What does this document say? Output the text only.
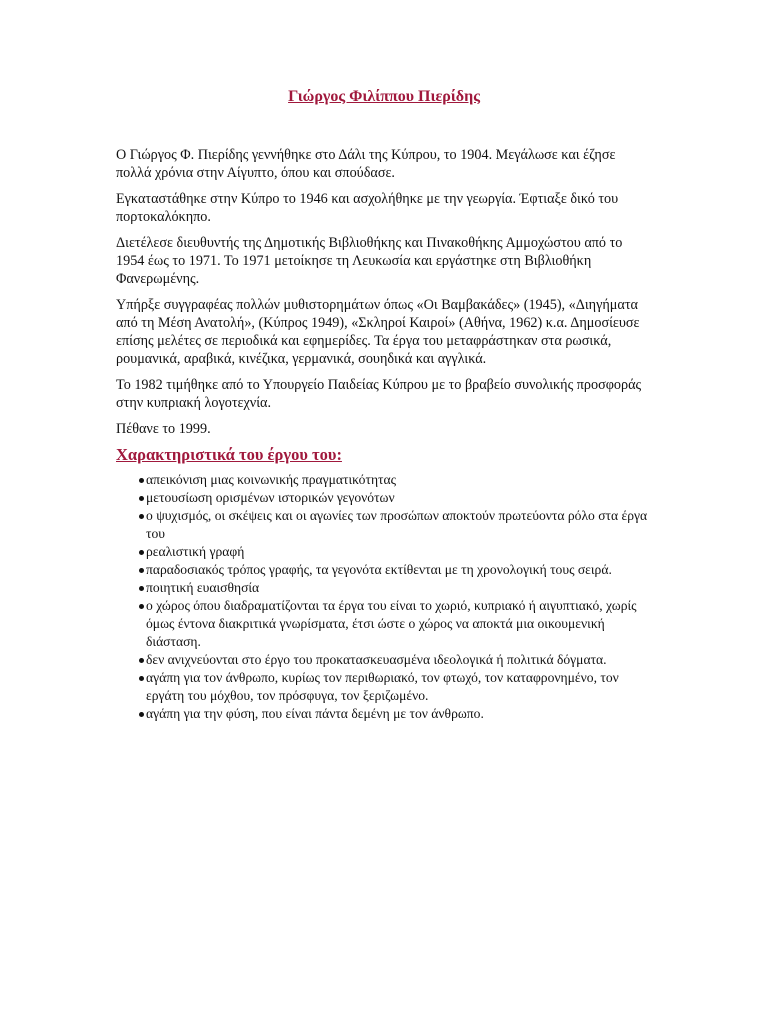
Γιώργος Φιλίππου Πιερίδης

Ο Γιώργος Φ. Πιερίδης γεννήθηκε στο Δάλι της Κύπρου, το 1904. Μεγάλωσε και έζησε πολλά χρόνια στην Αίγυπτο, όπου και σπούδασε.

Εγκαταστάθηκε στην Κύπρο το 1946 και ασχολήθηκε με την γεωργία. Έφτιαξε δικό του πορτοκαλόκηπο.

Διετέλεσε διευθυντής της Δημοτικής Βιβλιοθήκης και Πινακοθήκης Αμμοχώστου από το 1954 έως το 1971. Το 1971 μετοίκησε τη Λευκωσία και εργάστηκε στη Βιβλιοθήκη Φανερωμένης.

Υπήρξε συγγραφέας πολλών μυθιστορημάτων όπως «Οι Βαμβακάδες» (1945), «Διηγήματα από τη Μέση Ανατολή», (Κύπρος 1949), «Σκληροί Καιροί» (Αθήνα, 1962) κ.α. Δημοσίευσε επίσης μελέτες σε περιοδικά και εφημερίδες. Τα έργα του μεταφράστηκαν στα ρωσικά, ρουμανικά, αραβικά, κινέζικα, γερμανικά, σουηδικά και αγγλικά.

Το 1982 τιμήθηκε από το Υπουργείο Παιδείας Κύπρου με το βραβείο συνολικής προσφοράς στην κυπριακή λογοτεχνία.

Πέθανε το 1999.

Χαρακτηριστικά του έργου του:
απεικόνιση μιας κοινωνικής πραγματικότητας
μετουσίωση ορισμένων ιστορικών γεγονότων
ο ψυχισμός, οι σκέψεις και οι αγωνίες των προσώπων αποκτούν πρωτεύοντα ρόλο στα έργα του
ρεαλιστική γραφή
παραδοσιακός τρόπος γραφής, τα γεγονότα εκτίθενται με τη χρονολογική τους σειρά.
ποιητική ευαισθησία
ο χώρος όπου διαδραματίζονται τα έργα του είναι το χωριό, κυπριακό ή αιγυπτιακό, χωρίς όμως έντονα διακριτικά γνωρίσματα, έτσι ώστε ο χώρος να αποκτά μια οικουμενική διάσταση.
δεν ανιχνεύονται στο έργο του προκατασκευασμένα ιδεολογικά ή πολιτικά δόγματα.
αγάπη για τον άνθρωπο, κυρίως τον περιθωριακό, τον φτωχό, τον καταφρονημένο, τον εργάτη του μόχθου, τον πρόσφυγα, τον ξεριζωμένο.
αγάπη για την φύση, που είναι πάντα δεμένη με τον άνθρωπο.
